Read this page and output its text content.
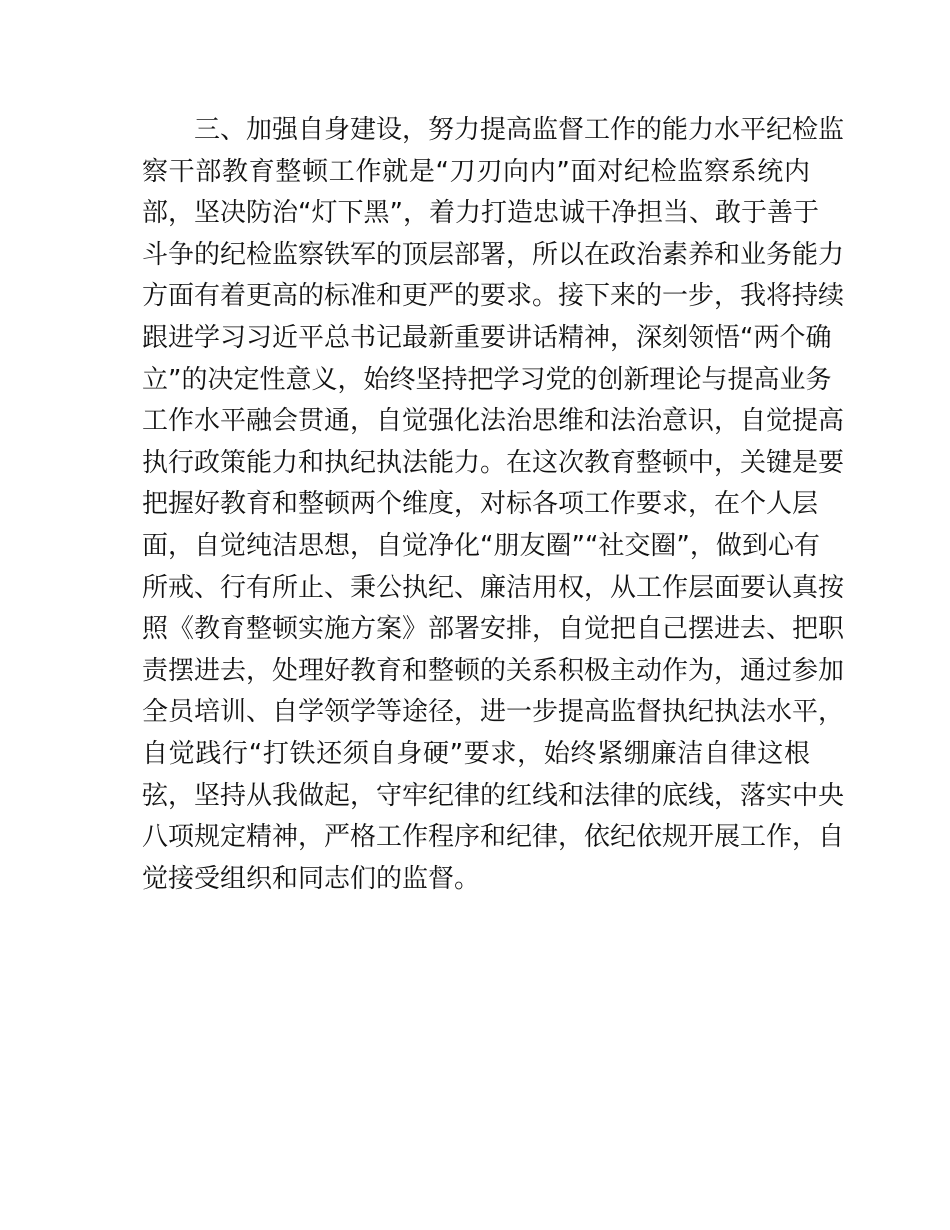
三、加强自身建设，努力提高监督工作的能力水平纪检监
察干部教育整顿工作就是“刀刃向内”面对纪检监察系统内
部，坚决防治“灯下黑”，着力打造忠诚干净担当、敢于善于
斗争的纪检监察铁军的顶层部署，所以在政治素养和业务能力
方面有着更高的标准和更严的要求。接下来的一步，我将持续
跟进学习习近平总书记最新重要讲话精神，深刻领悟“两个确
立”的决定性意义，始终坚持把学习党的创新理论与提高业务
工作水平融会贯通，自觉强化法治思维和法治意识，自觉提高
执行政策能力和执纪执法能力。在这次教育整顿中，关键是要
把握好教育和整顿两个维度，对标各项工作要求，在个人层
面，自觉纯洁思想，自觉净化“朋友圈”“社交圈”，做到心有
所戒、行有所止、秉公执纪、廉洁用权，从工作层面要认真按
照《教育整顿实施方案》部署安排，自觉把自己摆进去、把职
责摆进去，处理好教育和整顿的关系积极主动作为，通过参加
全员培训、自学领学等途径，进一步提高监督执纪执法水平，
自觉践行“打铁还须自身硬”要求，始终紧绷廉洁自律这根
弦，坚持从我做起，守牢纪律的红线和法律的底线，落实中央
八项规定精神，严格工作程序和纪律，依纪依规开展工作，自
觉接受组织和同志们的监督。
